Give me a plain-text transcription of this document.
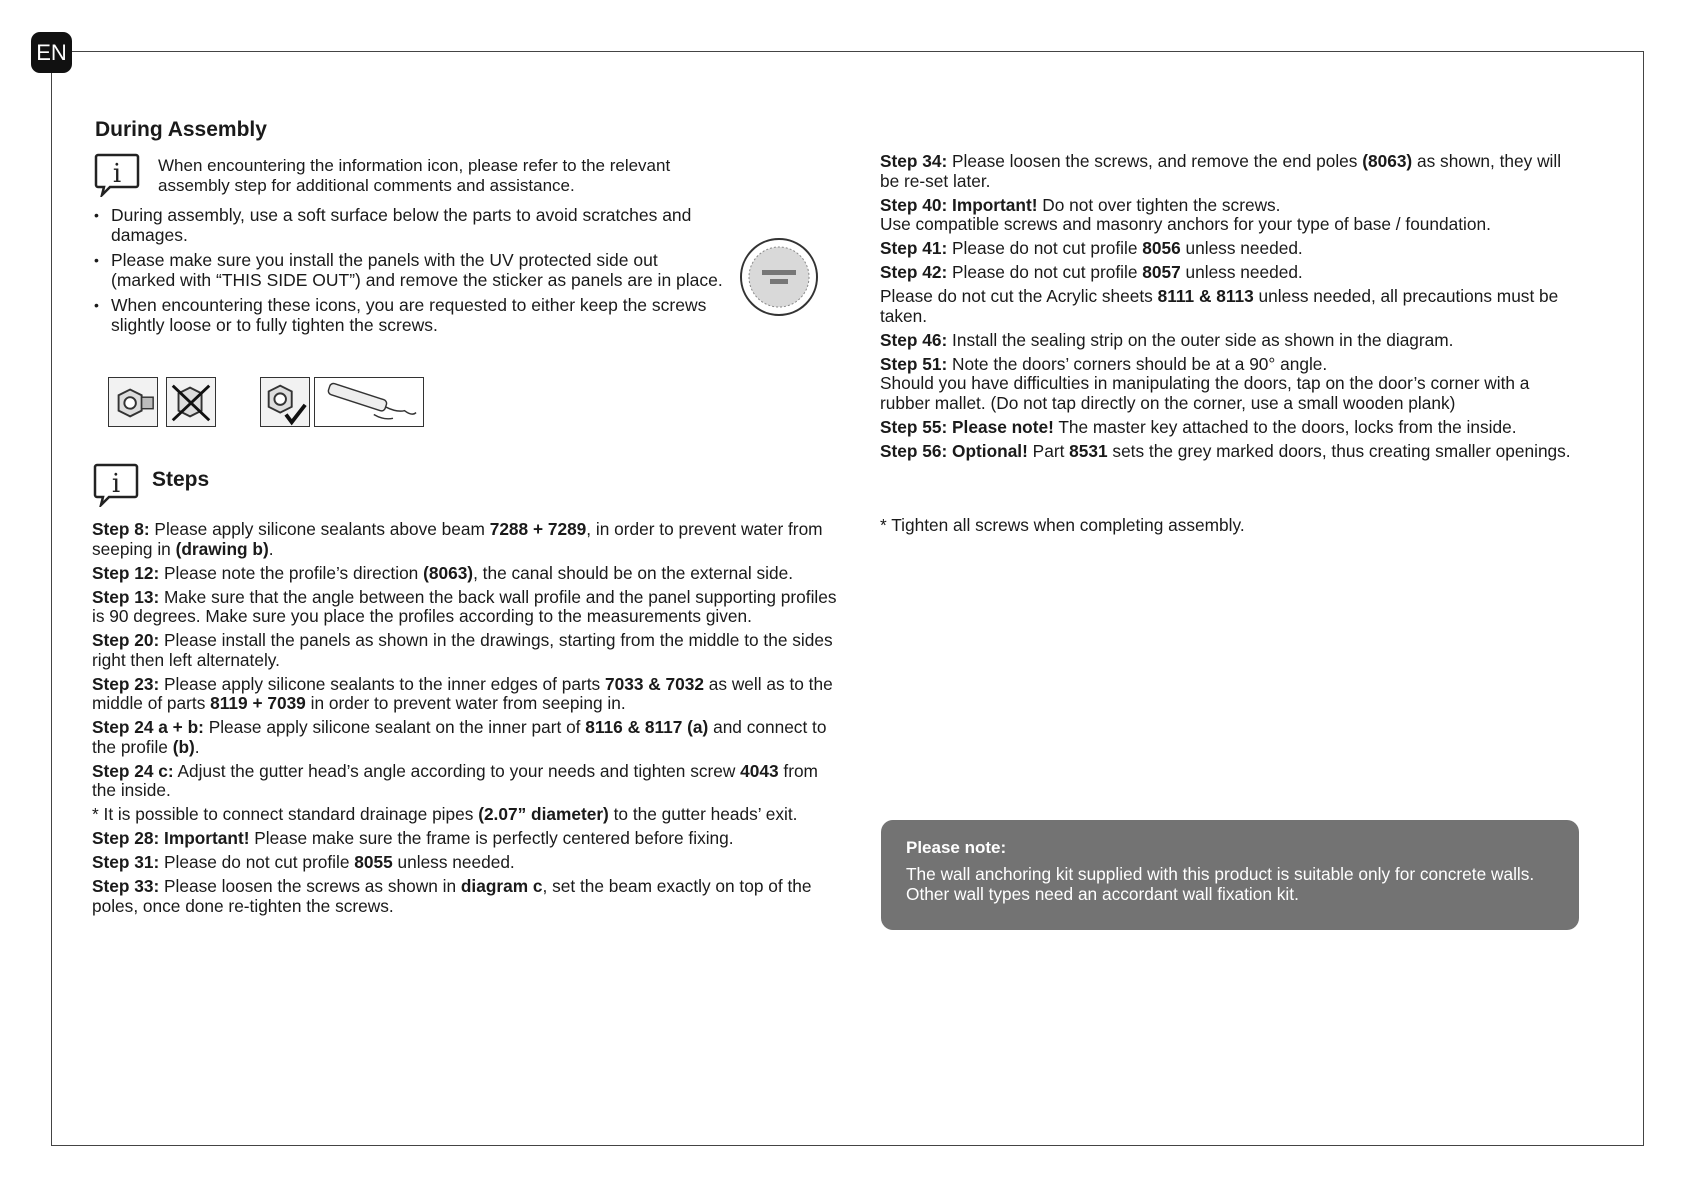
EN
During Assembly
i When encountering the information icon, please refer to the relevant assembly step for additional comments and assistance.
• During assembly, use a soft surface below the parts to avoid scratches and damages.
• Please make sure you install the panels with the UV protected side out (marked with “THIS SIDE OUT”) and remove the sticker as panels are in place.
• When encountering these icons, you are requested to either keep the screws slightly loose or to fully tighten the screws.
i Steps

Step 8: Please apply silicone sealants above beam 7288 + 7289, in order to prevent water from seeping in (drawing b).

Step 12: Please note the profile’s direction (8063), the canal should be on the external side.

Step 13: Make sure that the angle between the back wall profile and the panel supporting profiles is 90 degrees. Make sure you place the profiles according to the measurements given.

Step 20: Please install the panels as shown in the drawings, starting from the middle to the sides right then left alternately.

Step 23: Please apply silicone sealants to the inner edges of parts 7033 & 7032 as well as to the middle of parts 8119 + 7039 in order to prevent water from seeping in.

Step 24 a + b: Please apply silicone sealant on the inner part of 8116 & 8117 (a) and connect to the profile (b).

Step 24 c: Adjust the gutter head’s angle according to your needs and tighten screw 4043 from the inside.

* It is possible to connect standard drainage pipes (2.07” diameter) to the gutter heads’ exit.

Step 28: Important! Please make sure the frame is perfectly centered before fixing.

Step 31: Please do not cut profile 8055 unless needed.

Step 33: Please loosen the screws as shown in diagram c, set the beam exactly on top of the poles, once done re-tighten the screws.

Step 34: Please loosen the screws, and remove the end poles (8063) as shown, they will be re-set later.

Step 40: Important! Do not over tighten the screws.
Use compatible screws and masonry anchors for your type of base / foundation.

Step 41: Please do not cut profile 8056 unless needed.

Step 42: Please do not cut profile 8057 unless needed.

Please do not cut the Acrylic sheets 8111 & 8113 unless needed, all precautions must be taken.

Step 46: Install the sealing strip on the outer side as shown in the diagram.

Step 51: Note the doors’ corners should be at a 90° angle.
Should you have difficulties in manipulating the doors, tap on the door’s corner with a rubber mallet. (Do not tap directly on the corner, use a small wooden plank)

Step 55: Please note! The master key attached to the doors, locks from the inside.

Step 56: Optional! Part 8531 sets the grey marked doors, thus creating smaller openings.

* Tighten all screws when completing assembly.

Please note:

The wall anchoring kit supplied with this product is suitable only for concrete walls. Other wall types need an accordant wall fixation kit.
